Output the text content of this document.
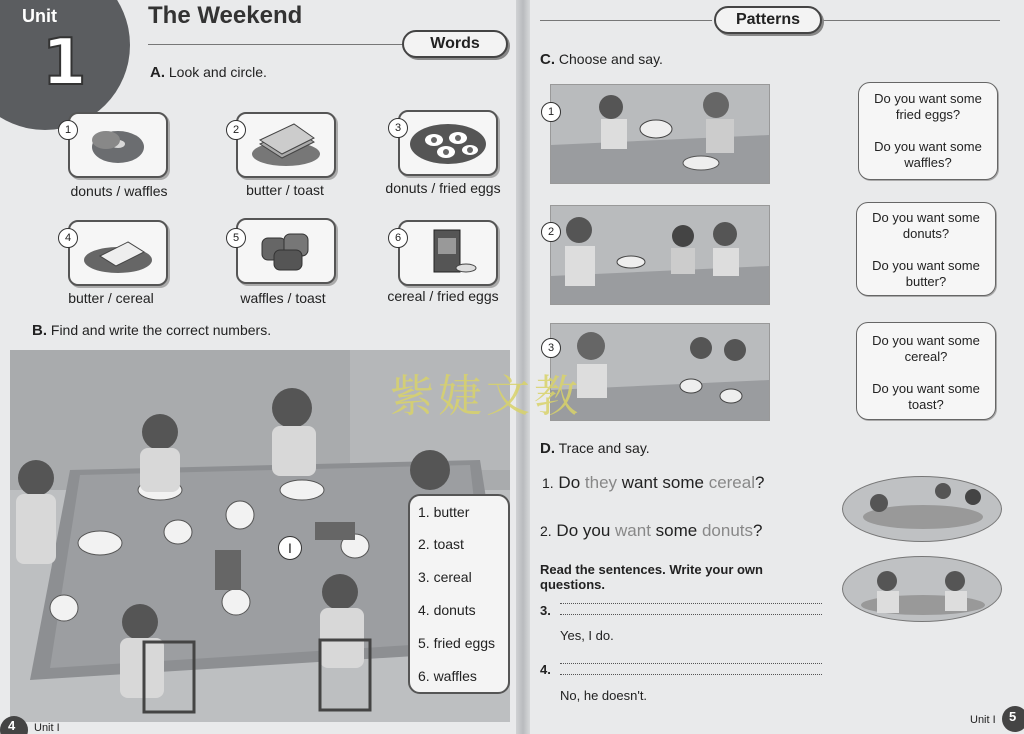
Unit
1
The Weekend
Words
A. Look and circle.
1	2	3
donuts / waffles	butter / toast	donuts / fried eggs
4	5	6
butter / cereal	waffles / toast	cereal / fried eggs
B. Find and write the correct numbers.
I
1. butter
2. toast
3. cereal
4. donuts
5. fried eggs
6. waffles
4 Unit I
Patterns
C. Choose and say.
1
2
3
Do you want some
fried eggs?
Do you want some
waffles?
Do you want some
donuts?
Do you want some
butter?
Do you want some
cereal?
Do you want some
toast?
D. Trace and say.
1. Do they want some cereal?
2. Do you want some donuts?
Read the sentences. Write your own
questions.
3.
Yes, I do.
4.
No, he doesn't.
Unit I 5
紫婕文教
